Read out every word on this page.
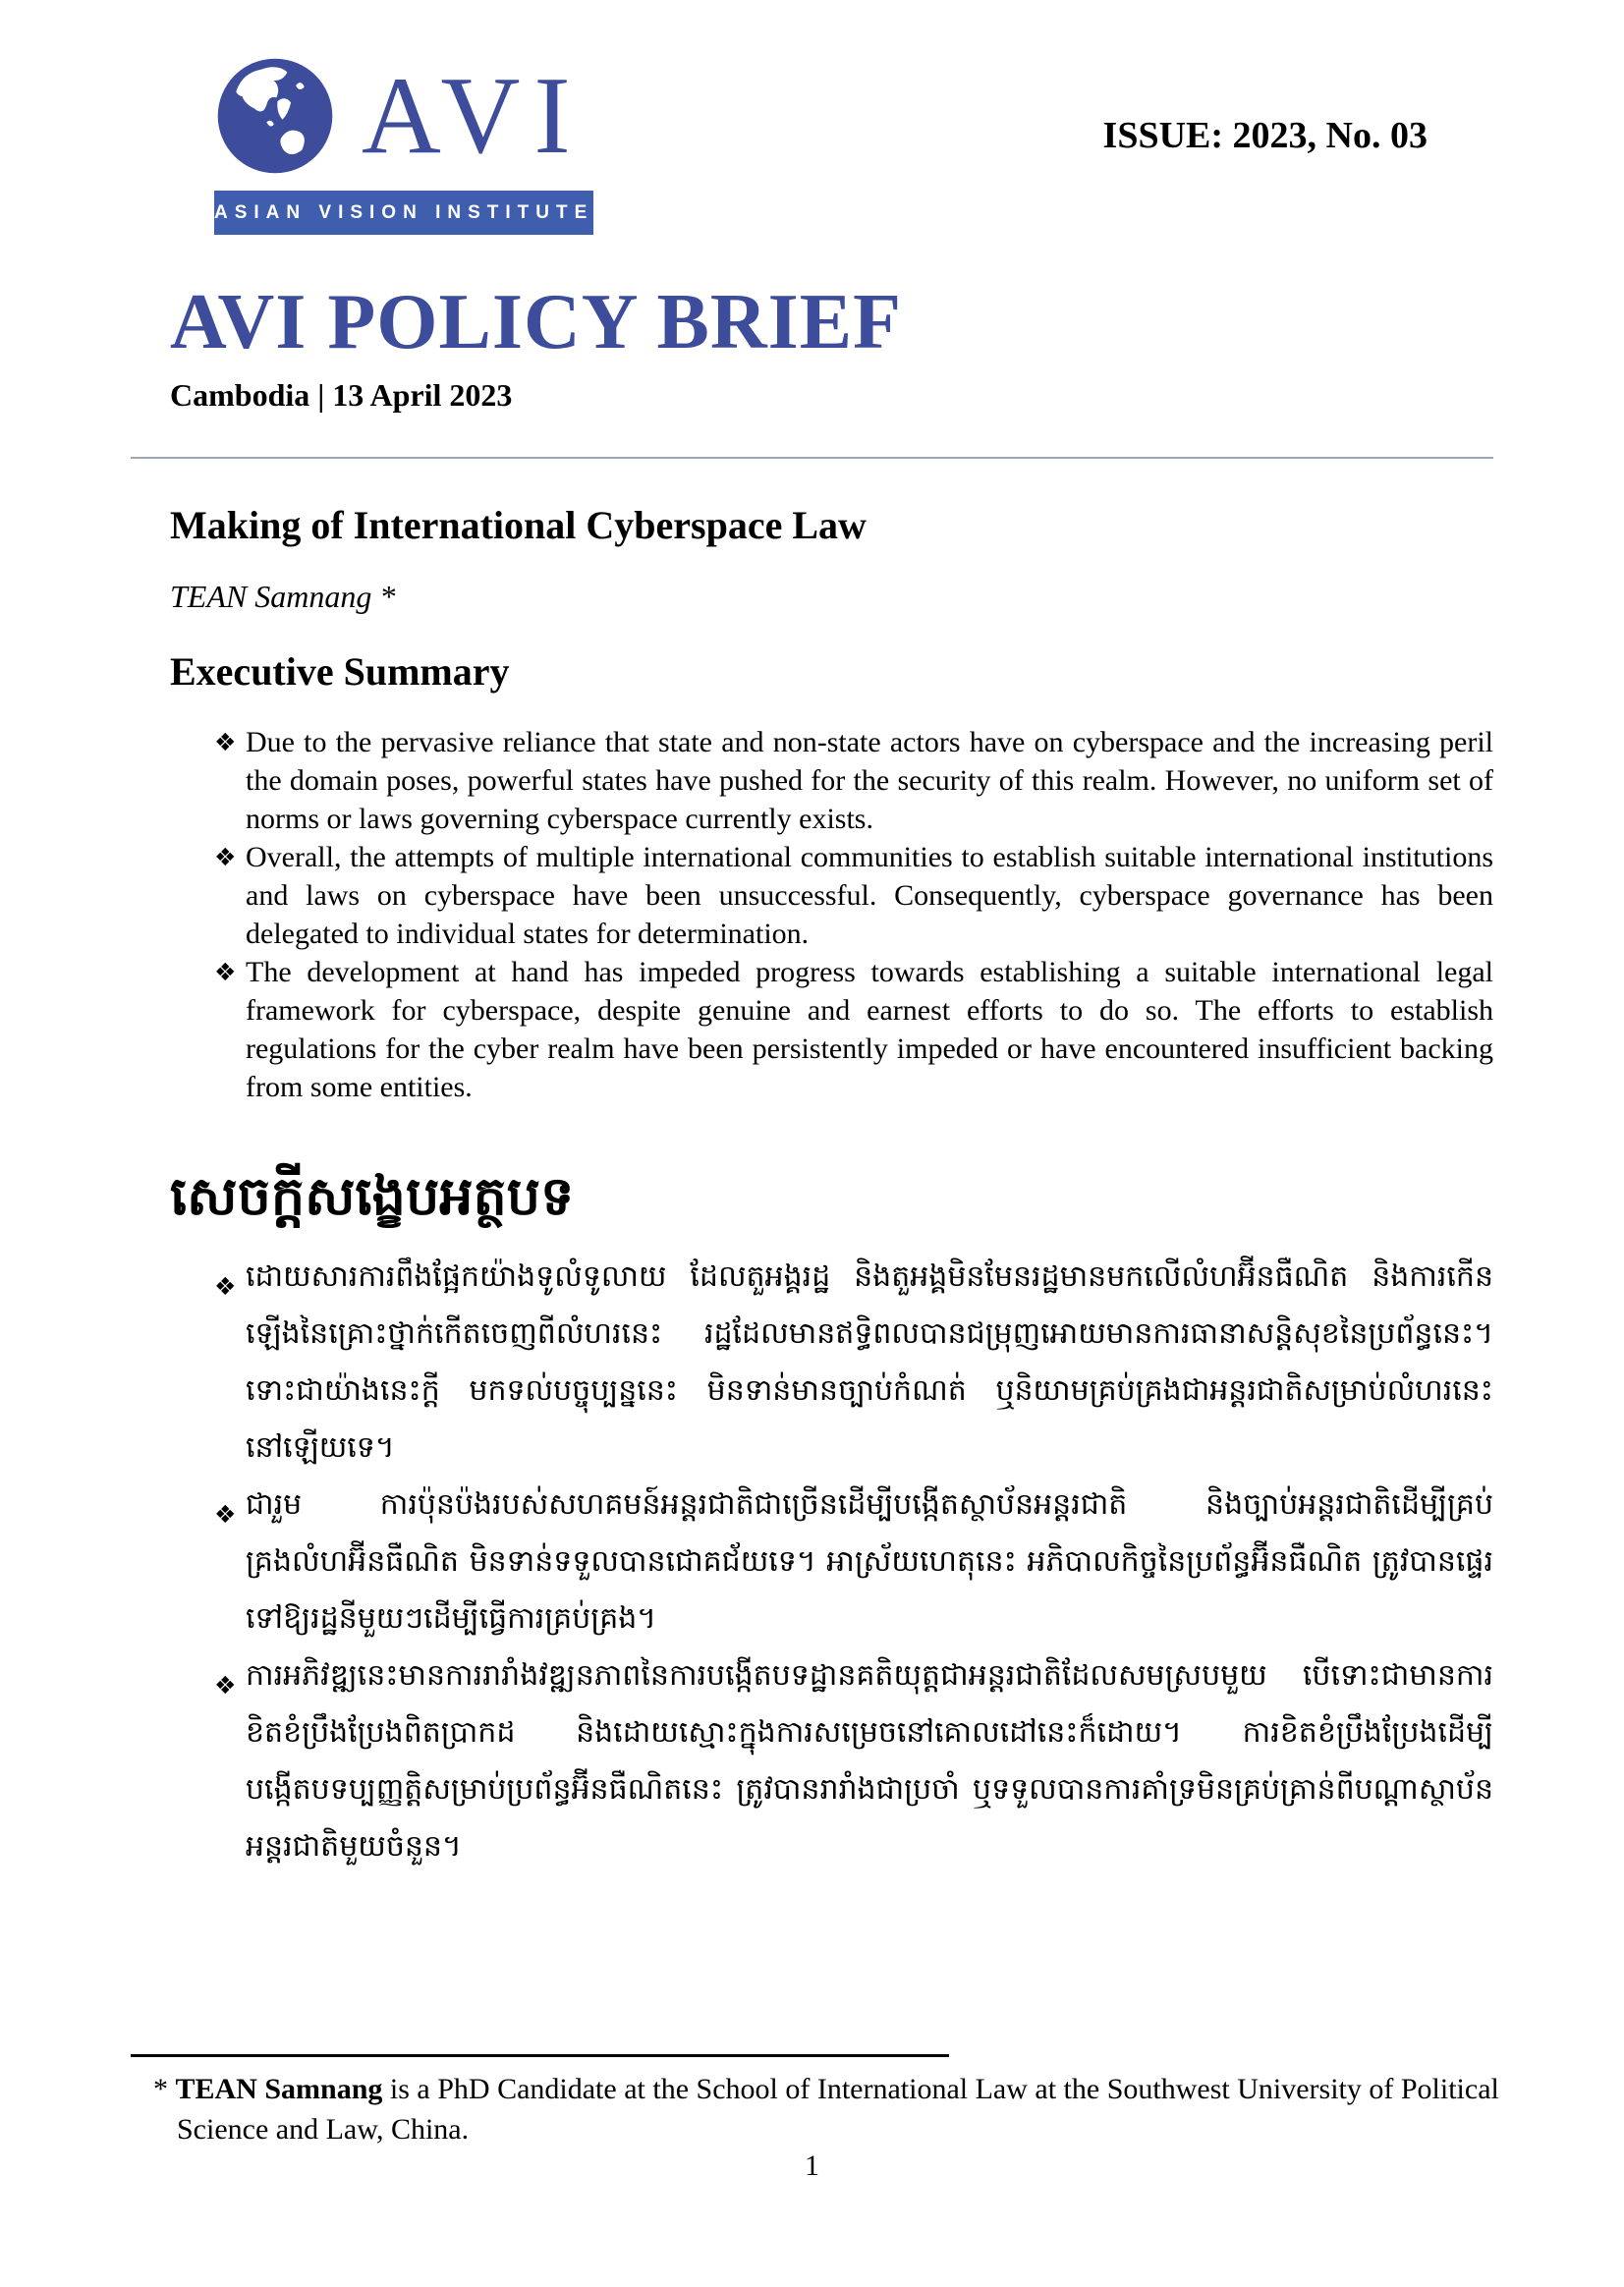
AVI
ASIAN VISION INSTITUTE
ISSUE: 2023, No. 03
AVI POLICY BRIEF
Cambodia | 13 April 2023
Making of International Cyberspace Law
TEAN Samnang *
Executive Summary
❖ Due to the pervasive reliance that state and non-state actors have on cyberspace and the increasing peril the domain poses, powerful states have pushed for the security of this realm. However, no uniform set of norms or laws governing cyberspace currently exists.
❖ Overall, the attempts of multiple international communities to establish suitable international institutions and laws on cyberspace have been unsuccessful. Consequently, cyberspace governance has been delegated to individual states for determination.
❖ The development at hand has impeded progress towards establishing a suitable international legal framework for cyberspace, despite genuine and earnest efforts to do so. The efforts to establish regulations for the cyber realm have been persistently impeded or have encountered insufficient backing from some entities.
សេចក្តីសង្ខេបអត្ថបទ
❖ ដោយសារការពឹងផ្អែកយ៉ាងទូលំទូលាយ ដែលតួអង្គរដ្ឋ និងតួអង្គមិនមែនរដ្ឋមានមកលើលំហអ៊ីនធឺណិត និងការកើនឡើងនៃគ្រោះថ្នាក់កើតចេញពីលំហរនេះ រដ្ឋដែលមានឥទ្ធិពលបានជម្រុញអោយមានការធានាសន្តិសុខនៃប្រព័ន្ធនេះ។ ទោះជាយ៉ាងនេះក្តី មកទល់បច្ចុប្បន្ននេះ មិនទាន់មានច្បាប់កំណត់ ឬនិយាមគ្រប់គ្រងជាអន្តរជាតិសម្រាប់លំហរនេះនៅឡើយទេ។
❖ ជារួម ការប៉ុនប៉ងរបស់សហគមន៍អន្តរជាតិជាច្រើនដើម្បីបង្កើតស្ថាប័នអន្តរជាតិ និងច្បាប់អន្តរជាតិដើម្បីគ្រប់គ្រងលំហអ៊ីនធឺណិត មិនទាន់ទទួលបានជោគជ័យទេ។ អាស្រ័យហេតុនេះ អភិបាលកិច្ចនៃប្រព័ន្ធអ៊ីនធឺណិត ត្រូវបានផ្ទេរទៅឱ្យរដ្ឋនីមួយៗដើម្បីធ្វើការគ្រប់គ្រង។
❖ ការអភិវឌ្ឍនេះមានការរារាំងវឌ្ឍនភាពនៃការបង្កើតបទដ្ឋានគតិយុត្តជាអន្តរជាតិដែលសមស្របមួយ បើទោះជាមានការខិតខំប្រឹងប្រែងពិតប្រាកដ និងដោយស្មោះក្នុងការសម្រេចនៅគោលដៅនេះក៏ដោយ។ ការខិតខំប្រឹងប្រែងដើម្បីបង្កើតបទប្បញ្ញត្តិសម្រាប់ប្រព័ន្ធអ៊ីនធឺណិតនេះ ត្រូវបានរារាំងជាប្រចាំ ឬទទួលបានការគាំទ្រមិនគ្រប់គ្រាន់ពីបណ្តាស្ថាប័នអន្តរជាតិមួយចំនួន។
* TEAN Samnang is a PhD Candidate at the School of International Law at the Southwest University of Political Science and Law, China.
1
